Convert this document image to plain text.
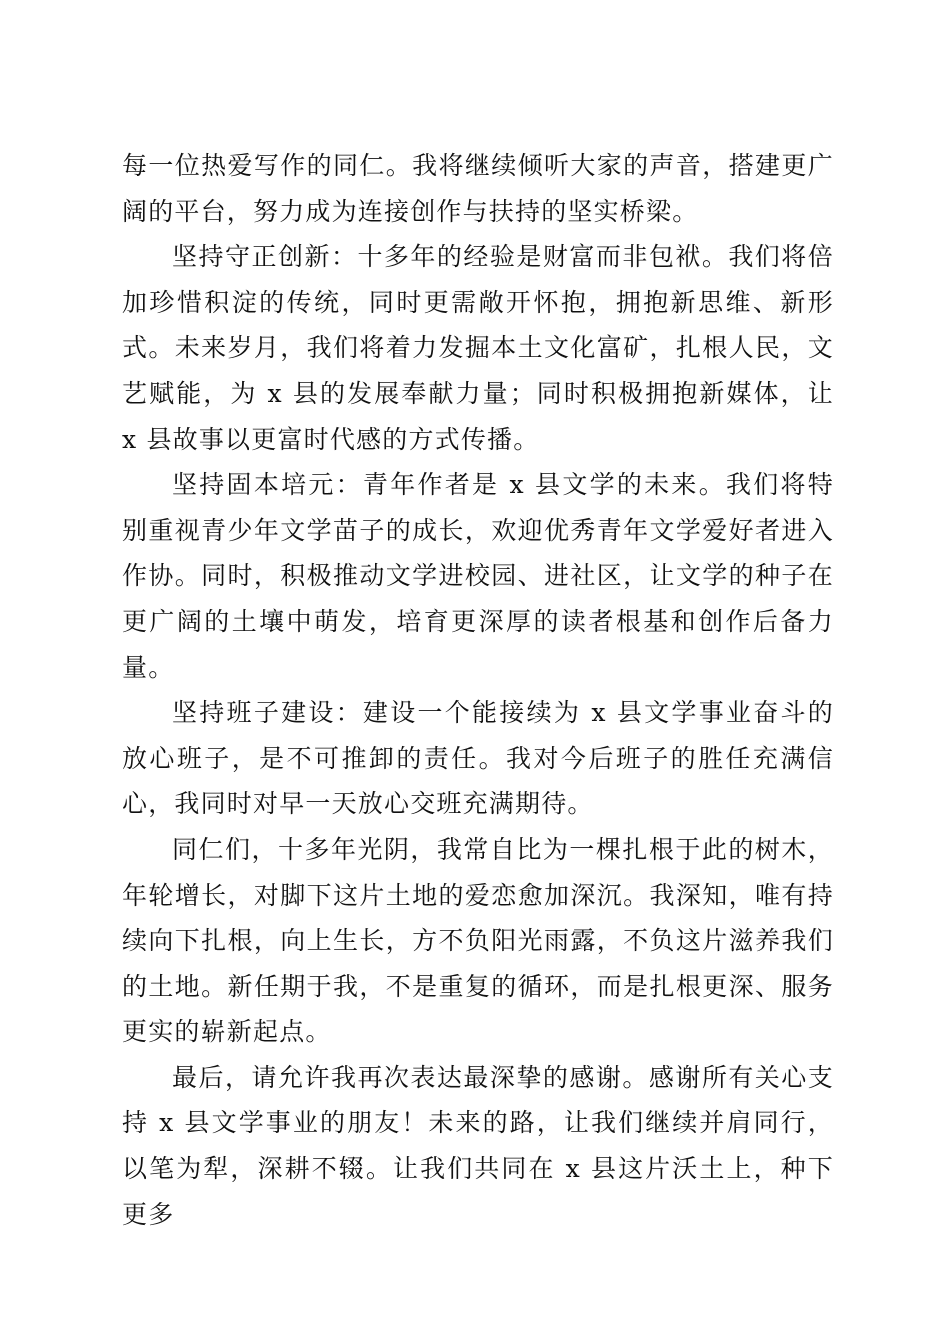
每一位热爱写作的同仁。我将继续倾听大家的声音，搭建更广阔的平台，努力成为连接创作与扶持的坚实桥梁。

坚持守正创新：十多年的经验是财富而非包袱。我们将倍加珍惜积淀的传统，同时更需敞开怀抱，拥抱新思维、新形式。未来岁月，我们将着力发掘本土文化富矿，扎根人民，文艺赋能，为 x 县的发展奉献力量；同时积极拥抱新媒体，让 x 县故事以更富时代感的方式传播。

坚持固本培元：青年作者是 x 县文学的未来。我们将特别重视青少年文学苗子的成长，欢迎优秀青年文学爱好者进入作协。同时，积极推动文学进校园、进社区，让文学的种子在更广阔的土壤中萌发，培育更深厚的读者根基和创作后备力量。

坚持班子建设：建设一个能接续为 x 县文学事业奋斗的放心班子，是不可推卸的责任。我对今后班子的胜任充满信心，我同时对早一天放心交班充满期待。

同仁们，十多年光阴，我常自比为一棵扎根于此的树木，年轮增长，对脚下这片土地的爱恋愈加深沉。我深知，唯有持续向下扎根，向上生长，方不负阳光雨露，不负这片滋养我们的土地。新任期于我，不是重复的循环，而是扎根更深、服务更实的崭新起点。

最后，请允许我再次表达最深挚的感谢。感谢所有关心支持 x 县文学事业的朋友！未来的路，让我们继续并肩同行，以笔为犁，深耕不辍。让我们共同在 x 县这片沃土上，种下更多
